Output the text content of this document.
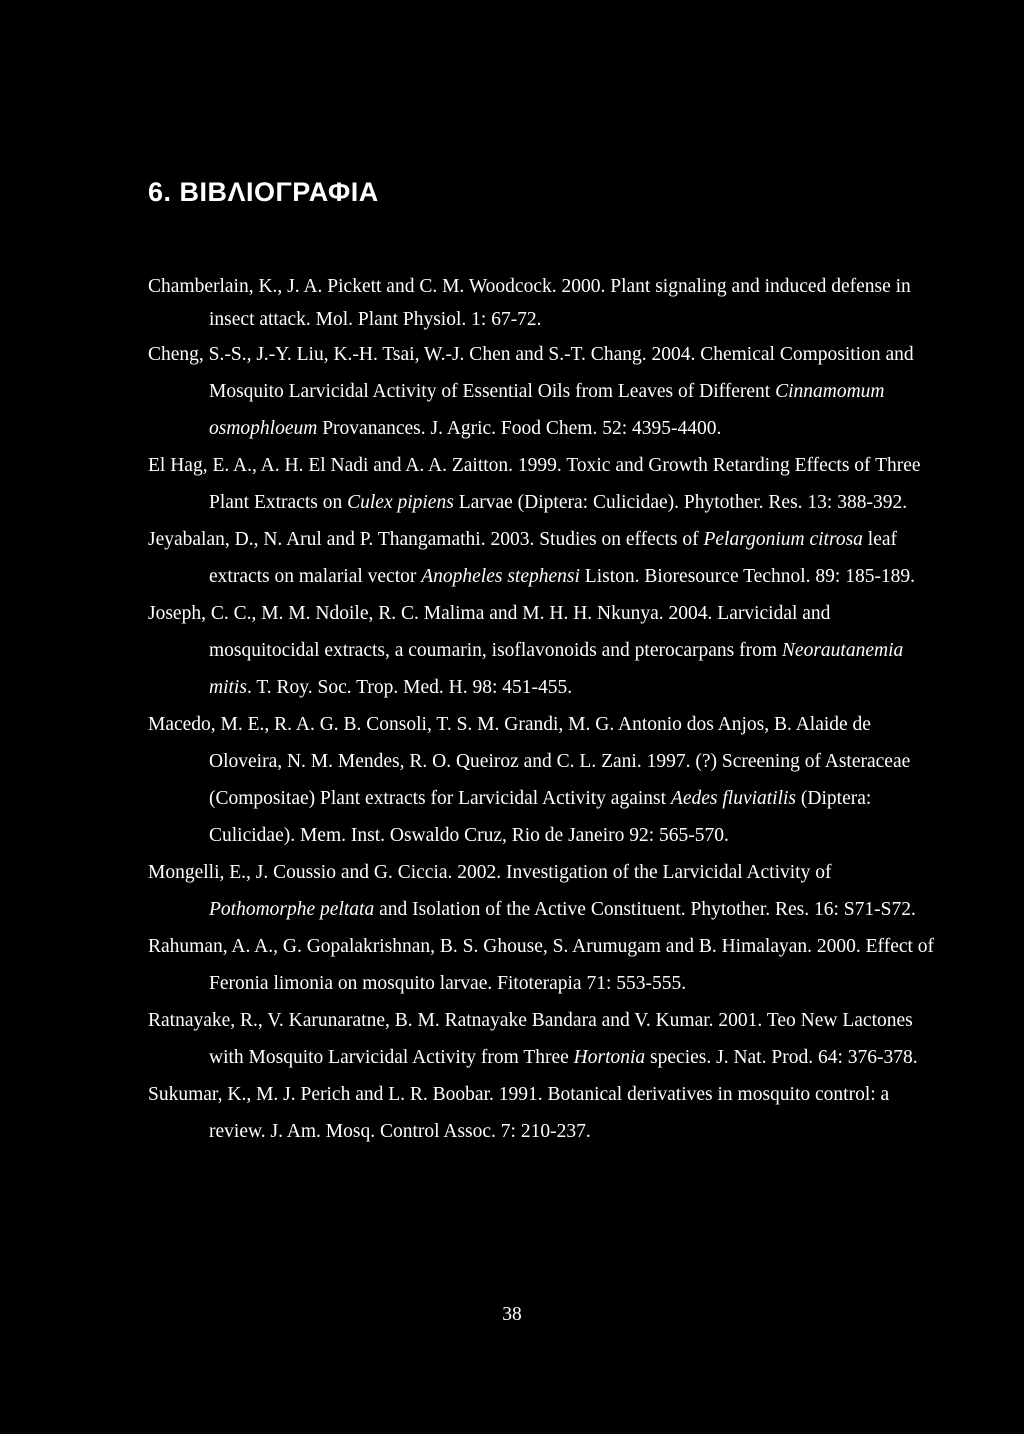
6. ΒΙΒΛΙΟΓΡΑΦΙΑ

Chamberlain, K., J. A. Pickett and C. M. Woodcock. 2000. Plant signaling and induced defense in insect attack. Mol. Plant Physiol. 1: 67-72.

Cheng, S.-S., J.-Y. Liu, K.-H. Tsai, W.-J. Chen and S.-T. Chang. 2004. Chemical Composition and Mosquito Larvicidal Activity of Essential Oils from Leaves of Different Cinnamomum osmophloeum Provanances. J. Agric. Food Chem. 52: 4395-4400.

El Hag, E. A., A. H. El Nadi and A. A. Zaitton. 1999. Toxic and Growth Retarding Effects of Three Plant Extracts on Culex pipiens Larvae (Diptera: Culicidae). Phytother. Res. 13: 388-392.

Jeyabalan, D., N. Arul and P. Thangamathi. 2003. Studies on effects of Pelargonium citrosa leaf extracts on malarial vector Anopheles stephensi Liston. Bioresource Technol. 89: 185-189.

Joseph, C. C., M. M. Ndoile, R. C. Malima and M. H. H. Nkunya. 2004. Larvicidal and mosquitocidal extracts, a coumarin, isoflavonoids and pterocarpans from Neorautanemia mitis. T. Roy. Soc. Trop. Med. H. 98: 451-455.

Macedo, M. E., R. A. G. B. Consoli, T. S. M. Grandi, M. G. Antonio dos Anjos, B. Alaide de Oloveira, N. M. Mendes, R. O. Queiroz and C. L. Zani. 1997. (?) Screening of Asteraceae (Compositae) Plant extracts for Larvicidal Activity against Aedes fluviatilis (Diptera: Culicidae). Mem. Inst. Oswaldo Cruz, Rio de Janeiro 92: 565-570.

Mongelli, E., J. Coussio and G. Ciccia. 2002. Investigation of the Larvicidal Activity of Pothomorphe peltata and Isolation of the Active Constituent. Phytother. Res. 16: S71-S72.

Rahuman, A. A., G. Gopalakrishnan, B. S. Ghouse, S. Arumugam and B. Himalayan. 2000. Effect of Feronia limonia on mosquito larvae. Fitoterapia 71: 553-555.

Ratnayake, R., V. Karunaratne, B. M. Ratnayake Bandara and V. Kumar. 2001. Teo New Lactones with Mosquito Larvicidal Activity from Three Hortonia species. J. Nat. Prod. 64: 376-378.

Sukumar, K., M. J. Perich and L. R. Boobar. 1991. Botanical derivatives in mosquito control: a review. J. Am. Mosq. Control Assoc. 7: 210-237.

38
